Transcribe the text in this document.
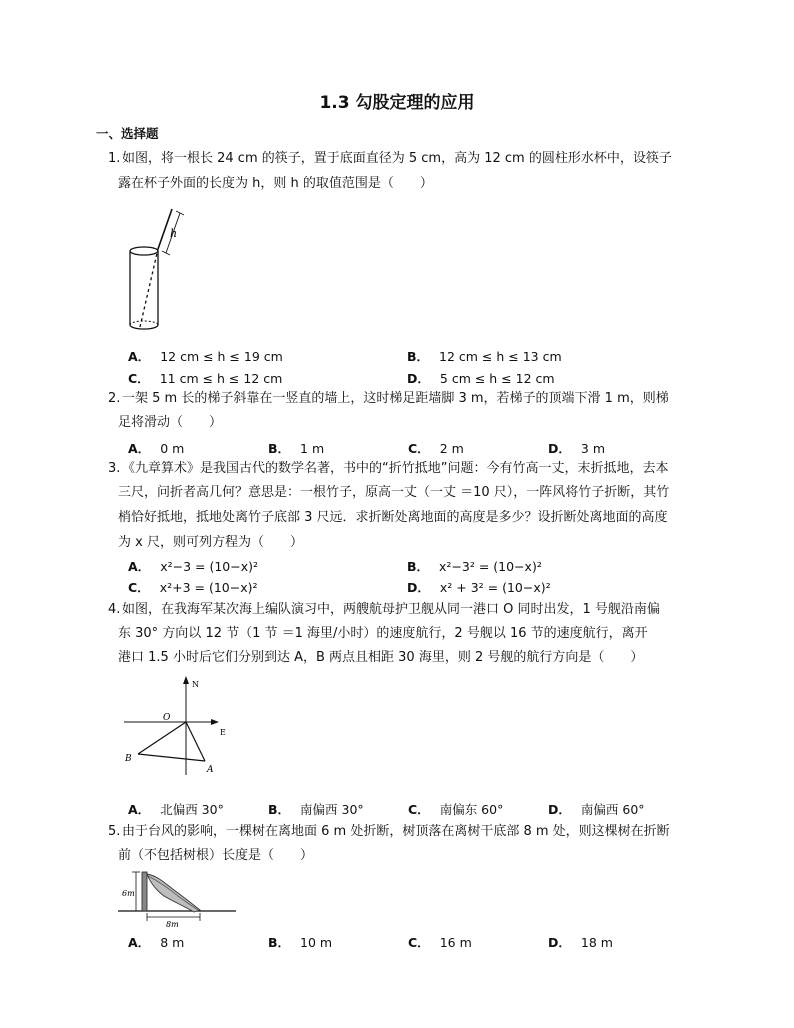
1.3 勾股定理的应用
一、选择题
1. 如图，将一根长 24 cm 的筷子，置于底面直径为 5 cm，高为 12 cm 的圆柱形水杯中，设筷子
露在杯子外面的长度为 h，则 h 的取值范围是（　　）
h
A． 12 cm ≤ h ≤ 19 cm	B． 12 cm ≤ h ≤ 13 cm
C． 11 cm ≤ h ≤ 12 cm	D． 5 cm ≤ h ≤ 12 cm
2. 一架 5 m 长的梯子斜靠在一竖直的墙上，这时梯足距墙脚 3 m，若梯子的顶端下滑 1 m，则梯
足将滑动（　　）
A． 0 m	B． 1 m	C． 2 m	D． 3 m
3. 《九章算术》是我国古代的数学名著，书中的“折竹抵地”问题：今有竹高一丈，末折抵地，去本
三尺，问折者高几何？意思是：一根竹子，原高一丈（一丈 ＝10 尺），一阵风将竹子折断，其竹
梢恰好抵地，抵地处离竹子底部 3 尺远．求折断处离地面的高度是多少？设折断处离地面的高度
为 x 尺，则可列方程为（　　）
A． x²−3 = (10−x)²	B． x²−3² = (10−x)²
C． x²+3 = (10−x)²	D． x² + 3² = (10−x)²
4. 如图，在我海军某次海上编队演习中，两艘航母护卫舰从同一港口 O 同时出发，1 号舰沿南偏
东 30° 方向以 12 节（1 节 ＝1 海里/小时）的速度航行，2 号舰以 16 节的速度航行，离开
港口 1.5 小时后它们分别到达 A，B 两点且相距 30 海里，则 2 号舰的航行方向是（　　）
N
E
O
B
A
A． 北偏西 30°	B． 南偏西 30°	C． 南偏东 60°	D． 南偏西 60°
5. 由于台风的影响，一棵树在离地面 6 m 处折断，树顶落在离树干底部 8 m 处，则这棵树在折断
前（不包括树根）长度是（　　）
6m
8m
A． 8 m	B． 10 m	C． 16 m	D． 18 m
